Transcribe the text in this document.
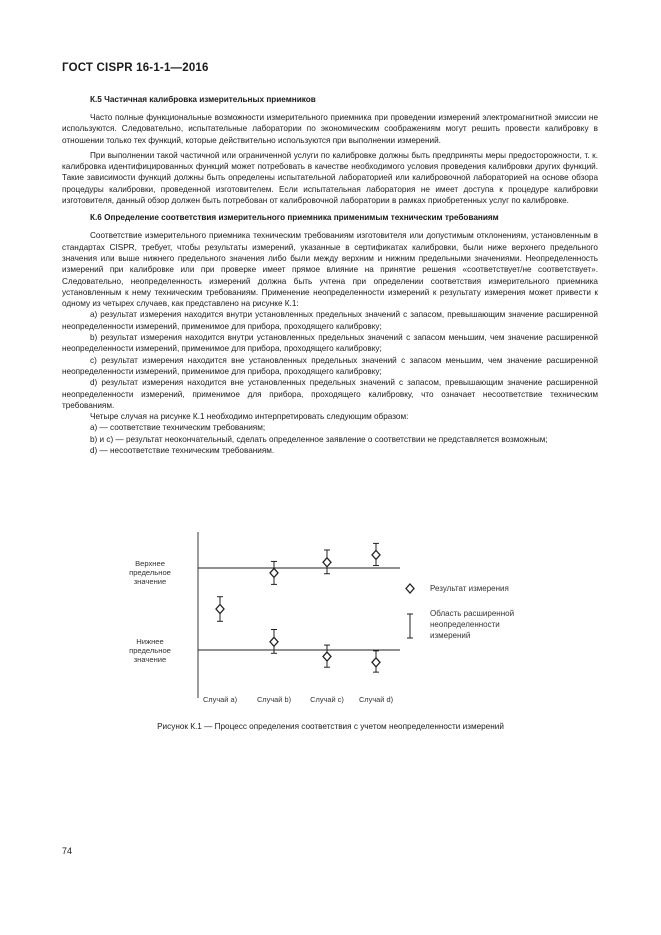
ГОСТ CISPR 16-1-1—2016
К.5 Частичная калибровка измерительных приемников

Часто полные функциональные возможности измерительного приемника при проведении измерений электромагнитной эмиссии не используются. Следовательно, испытательные лаборатории по экономическим соображениям могут решить провести калибровку в отношении только тех функций, которые действительно используются при выполнении измерений.

При выполнении такой частичной или ограниченной услуги по калибровке должны быть предприняты меры предосторожности, т. к. калибровка идентифицированных функций может потребовать в качестве необходимого условия проведения калибровки других функций. Такие зависимости функций должны быть определены испытательной лабораторией или калибровочной лабораторией на основе обзора процедуры калибровки, проведенной изготовителем. Если испытательная лаборатория не имеет доступа к процедуре калибровки изготовителя, данный обзор должен быть потребован от калибровочной лаборатории в рамках приобретенных услуг по калибровке.

К.6 Определение соответствия измерительного приемника применимым техническим требованиям

Соответствие измерительного приемника техническим требованиям изготовителя или допустимым отклонениям, установленным в стандартах CISPR, требует, чтобы результаты измерений, указанные в сертификатах калибровки, были ниже верхнего предельного значения или выше нижнего предельного значения либо были между верхним и нижним предельными значениями. Неопределенность измерений при калибровке или при проверке имеет прямое влияние на принятие решения «соответствует/не соответствует». Следовательно, неопределенность измерений должна быть учтена при определении соответствия измерительного приемника установленным к нему техническим требованиям. Применение неопределенности измерений к результату измерения может привести к одному из четырех случаев, как представлено на рисунке К.1:

а) результат измерения находится внутри установленных предельных значений с запасом, превышающим значение расширенной неопределенности измерений, применимое для прибора, проходящего калибровку;

b) результат измерения находится внутри установленных предельных значений с запасом меньшим, чем значение расширенной неопределенности измерений, применимое для прибора, проходящего калибровку;

с) результат измерения находится вне установленных предельных значений с запасом меньшим, чем значение расширенной неопределенности измерений, применимое для прибора, проходящего калибровку;

d) результат измерения находится вне установленных предельных значений с запасом, превышающим значение расширенной неопределенности измерений, применимое для прибора, проходящего калибровку, что означает несоответствие техническим требованиям.

Четыре случая на рисунке К.1 необходимо интерпретировать следующим образом:

а) — соответствие техническим требованиям;

b) и с) — результат неокончательный, сделать определенное заявление о соответствии не представляется возможным;

d) — несоответствие техническим требованиям.

Верхнее предельное значение
Нижнее предельное значение
Случай а)	Случай b)	Случай c) Случай d)
Результат измерения
Область расширенной неопределенности измерений
Рисунок К.1 — Процесс определения соответствия с учетом неопределенности измерений
74
